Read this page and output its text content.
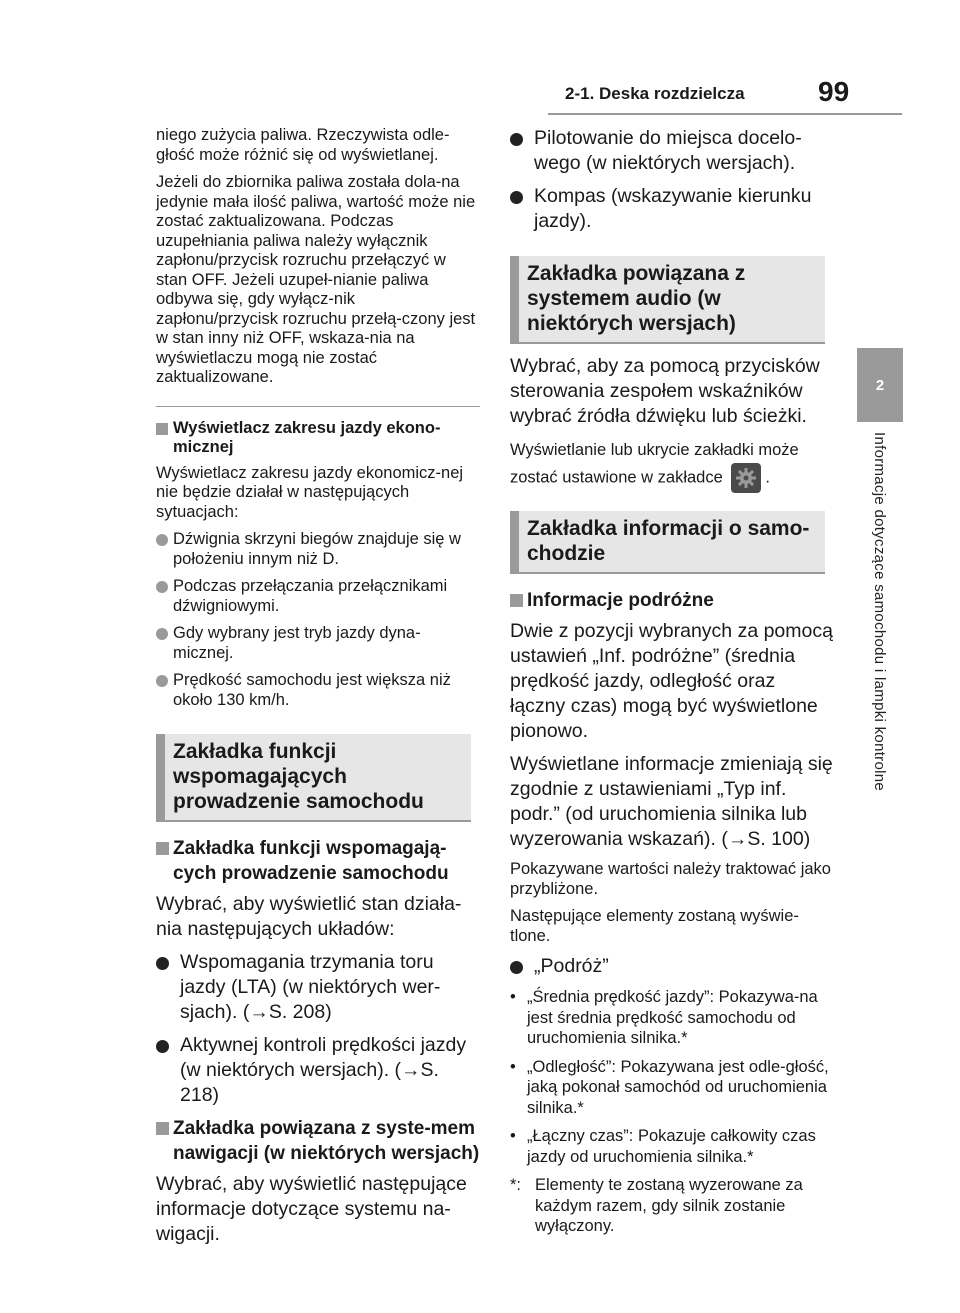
2-1. Deska rozdzielcza	99
2
Informacje dotyczące samochodu i lampki kontrolne

niego zużycia paliwa. Rzeczywista odle-głość może różnić się od wyświetlanej.

Jeżeli do zbiornika paliwa została dola-na jedynie mała ilość paliwa, wartość może nie zostać zaktualizowana. Podczas uzupełniania paliwa należy wyłącznik zapłonu/przycisk rozruchu przełączyć w stan OFF. Jeżeli uzupeł-nianie paliwa odbywa się, gdy wyłącz-nik zapłonu/przycisk rozruchu przełą-czony jest w stan inny niż OFF, wskaza-nia na wyświetlaczu mogą nie zostać zaktualizowane.

Wyświetlacz zakresu jazdy ekono-micznej

Wyświetlacz zakresu jazdy ekonomicz-nej nie będzie działał w następujących sytuacjach:

Dźwignia skrzyni biegów znajduje się w położeniu innym niż D.
Podczas przełączania przełącznikami dźwigniowymi.
Gdy wybrany jest tryb jazdy dyna-micznej.
Prędkość samochodu jest większa niż około 130 km/h.
Zakładka funkcji wspomagających prowadzenie samochodu
Zakładka funkcji wspomagają-cych prowadzenie samochodu

Wybrać, aby wyświetlić stan działa-nia następujących układów:

Wspomagania trzymania toru jazdy (LTA) (w niektórych wer-sjach). (→S. 208)
Aktywnej kontroli prędkości jazdy (w niektórych wersjach). (→S. 218)
Zakładka powiązana z syste-mem nawigacji (w niektórych wersjach)

Wybrać, aby wyświetlić następujące informacje dotyczące systemu na-wigacji.

Pilotowanie do miejsca docelo-wego (w niektórych wersjach).
Kompas (wskazywanie kierunku jazdy).
Zakładka powiązana z systemem audio (w niektórych wersjach)

Wybrać, aby za pomocą przycisków sterowania zespołem wskaźników wybrać źródła dźwięku lub ścieżki.

Wyświetlanie lub ukrycie zakładki może zostać ustawione w zakładce	.

Zakładka informacji o samo-chodzie
Informacje podróżne

Dwie z pozycji wybranych za pomocą ustawień „Inf. podróżne” (średnia prędkość jazdy, odległość oraz łączny czas) mogą być wyświetlone pionowo.

Wyświetlane informacje zmieniają się zgodnie z ustawieniami „Typ inf. podr.” (od uruchomienia silnika lub wyzerowania wskazań). (→S. 100)

Pokazywane wartości należy traktować jako przybliżone.

Następujące elementy zostaną wyświe-tlone.

„Podróż”
• „Średnia prędkość jazdy”: Pokazywa-na jest średnia prędkość samochodu od uruchomienia silnika.*
• „Odległość”: Pokazywana jest odle-głość, jaką pokonał samochód od uruchomienia silnika.*
• „Łączny czas”: Pokazuje całkowity czas jazdy od uruchomienia silnika.*
*: Elementy te zostaną wyzerowane za każdym razem, gdy silnik zostanie wyłączony.
